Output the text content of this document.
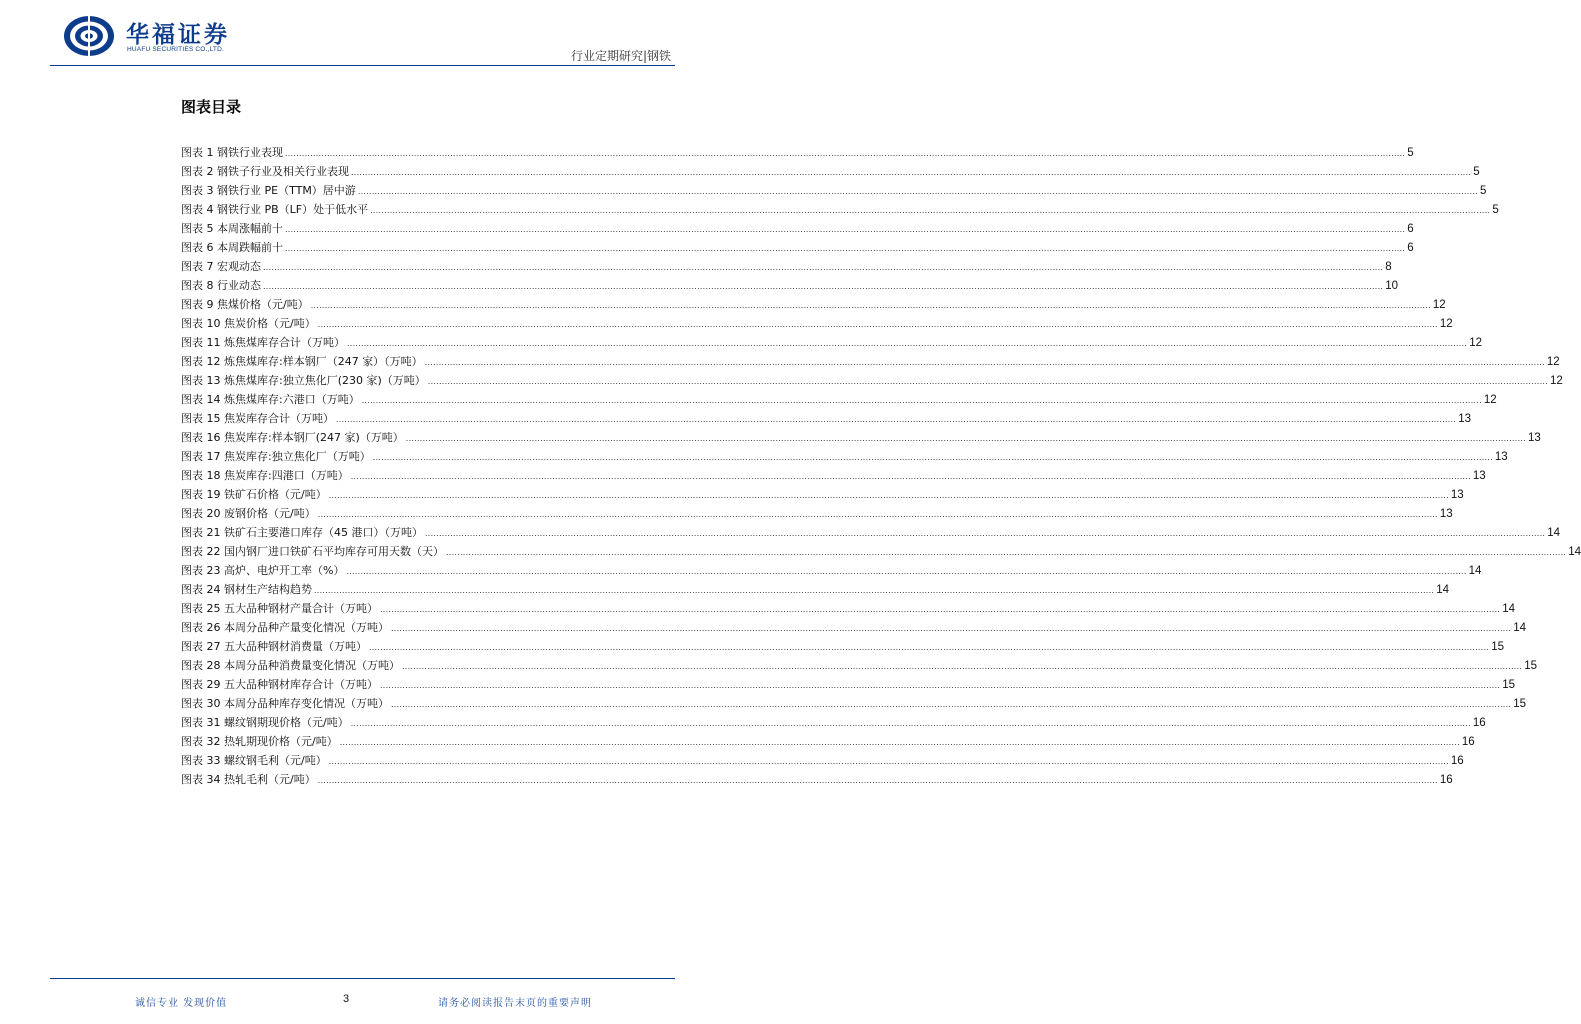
华福证券
HUAFU SECURITIES CO.,LTD.	行业定期研究|钢铁
图表目录
图表 1 钢铁行业表现 ................................................................................................................................................................................................................................................................................................................................................................................................................ 5
图表 2 钢铁子行业及相关行业表现 ................................................................................................................................................................................................................................................................................................................................................................................................................ 5
图表 3 钢铁行业 PE（TTM）居中游 ................................................................................................................................................................................................................................................................................................................................................................................................................ 5
图表 4 钢铁行业 PB（LF）处于低水平 ................................................................................................................................................................................................................................................................................................................................................................................................................ 5
图表 5 本周涨幅前十 ................................................................................................................................................................................................................................................................................................................................................................................................................ 6
图表 6 本周跌幅前十 ................................................................................................................................................................................................................................................................................................................................................................................................................ 6
图表 7 宏观动态 ................................................................................................................................................................................................................................................................................................................................................................................................................ 8
图表 8 行业动态 ................................................................................................................................................................................................................................................................................................................................................................................................................ 10
图表 9 焦煤价格（元/吨） ................................................................................................................................................................................................................................................................................................................................................................................................................ 12
图表 10 焦炭价格（元/吨） ................................................................................................................................................................................................................................................................................................................................................................................................................ 12
图表 11 炼焦煤库存合计（万吨） ................................................................................................................................................................................................................................................................................................................................................................................................................ 12
图表 12 炼焦煤库存:样本钢厂（247 家）（万吨） ................................................................................................................................................................................................................................................................................................................................................................................................................ 12
图表 13 炼焦煤库存:独立焦化厂(230 家)（万吨） ................................................................................................................................................................................................................................................................................................................................................................................................................ 12
图表 14 炼焦煤库存:六港口（万吨） ................................................................................................................................................................................................................................................................................................................................................................................................................ 12
图表 15 焦炭库存合计（万吨） ................................................................................................................................................................................................................................................................................................................................................................................................................ 13
图表 16 焦炭库存:样本钢厂(247 家)（万吨） ................................................................................................................................................................................................................................................................................................................................................................................................................ 13
图表 17 焦炭库存:独立焦化厂（万吨） ................................................................................................................................................................................................................................................................................................................................................................................................................ 13
图表 18 焦炭库存:四港口（万吨） ................................................................................................................................................................................................................................................................................................................................................................................................................ 13
图表 19 铁矿石价格（元/吨） ................................................................................................................................................................................................................................................................................................................................................................................................................ 13
图表 20 废钢价格（元/吨） ................................................................................................................................................................................................................................................................................................................................................................................................................ 13
图表 21 铁矿石主要港口库存（45 港口）（万吨） ................................................................................................................................................................................................................................................................................................................................................................................................................ 14
图表 22 国内钢厂进口铁矿石平均库存可用天数（天） ................................................................................................................................................................................................................................................................................................................................................................................................................ 14
图表 23 高炉、电炉开工率（%） ................................................................................................................................................................................................................................................................................................................................................................................................................ 14
图表 24 钢材生产结构趋势 ................................................................................................................................................................................................................................................................................................................................................................................................................ 14
图表 25 五大品种钢材产量合计（万吨） ................................................................................................................................................................................................................................................................................................................................................................................................................ 14
图表 26 本周分品种产量变化情况（万吨） ................................................................................................................................................................................................................................................................................................................................................................................................................ 14
图表 27 五大品种钢材消费量（万吨） ................................................................................................................................................................................................................................................................................................................................................................................................................ 15
图表 28 本周分品种消费量变化情况（万吨） ................................................................................................................................................................................................................................................................................................................................................................................................................ 15
图表 29 五大品种钢材库存合计（万吨） ................................................................................................................................................................................................................................................................................................................................................................................................................ 15
图表 30 本周分品种库存变化情况（万吨） ................................................................................................................................................................................................................................................................................................................................................................................................................ 15
图表 31 螺纹钢期现价格（元/吨） ................................................................................................................................................................................................................................................................................................................................................................................................................ 16
图表 32 热轧期现价格（元/吨） ................................................................................................................................................................................................................................................................................................................................................................................................................ 16
图表 33 螺纹钢毛利（元/吨） ................................................................................................................................................................................................................................................................................................................................................................................................................ 16
图表 34 热轧毛利（元/吨） ................................................................................................................................................................................................................................................................................................................................................................................................................ 16
诚信专业 发现价值	3	请务必阅读报告末页的重要声明
